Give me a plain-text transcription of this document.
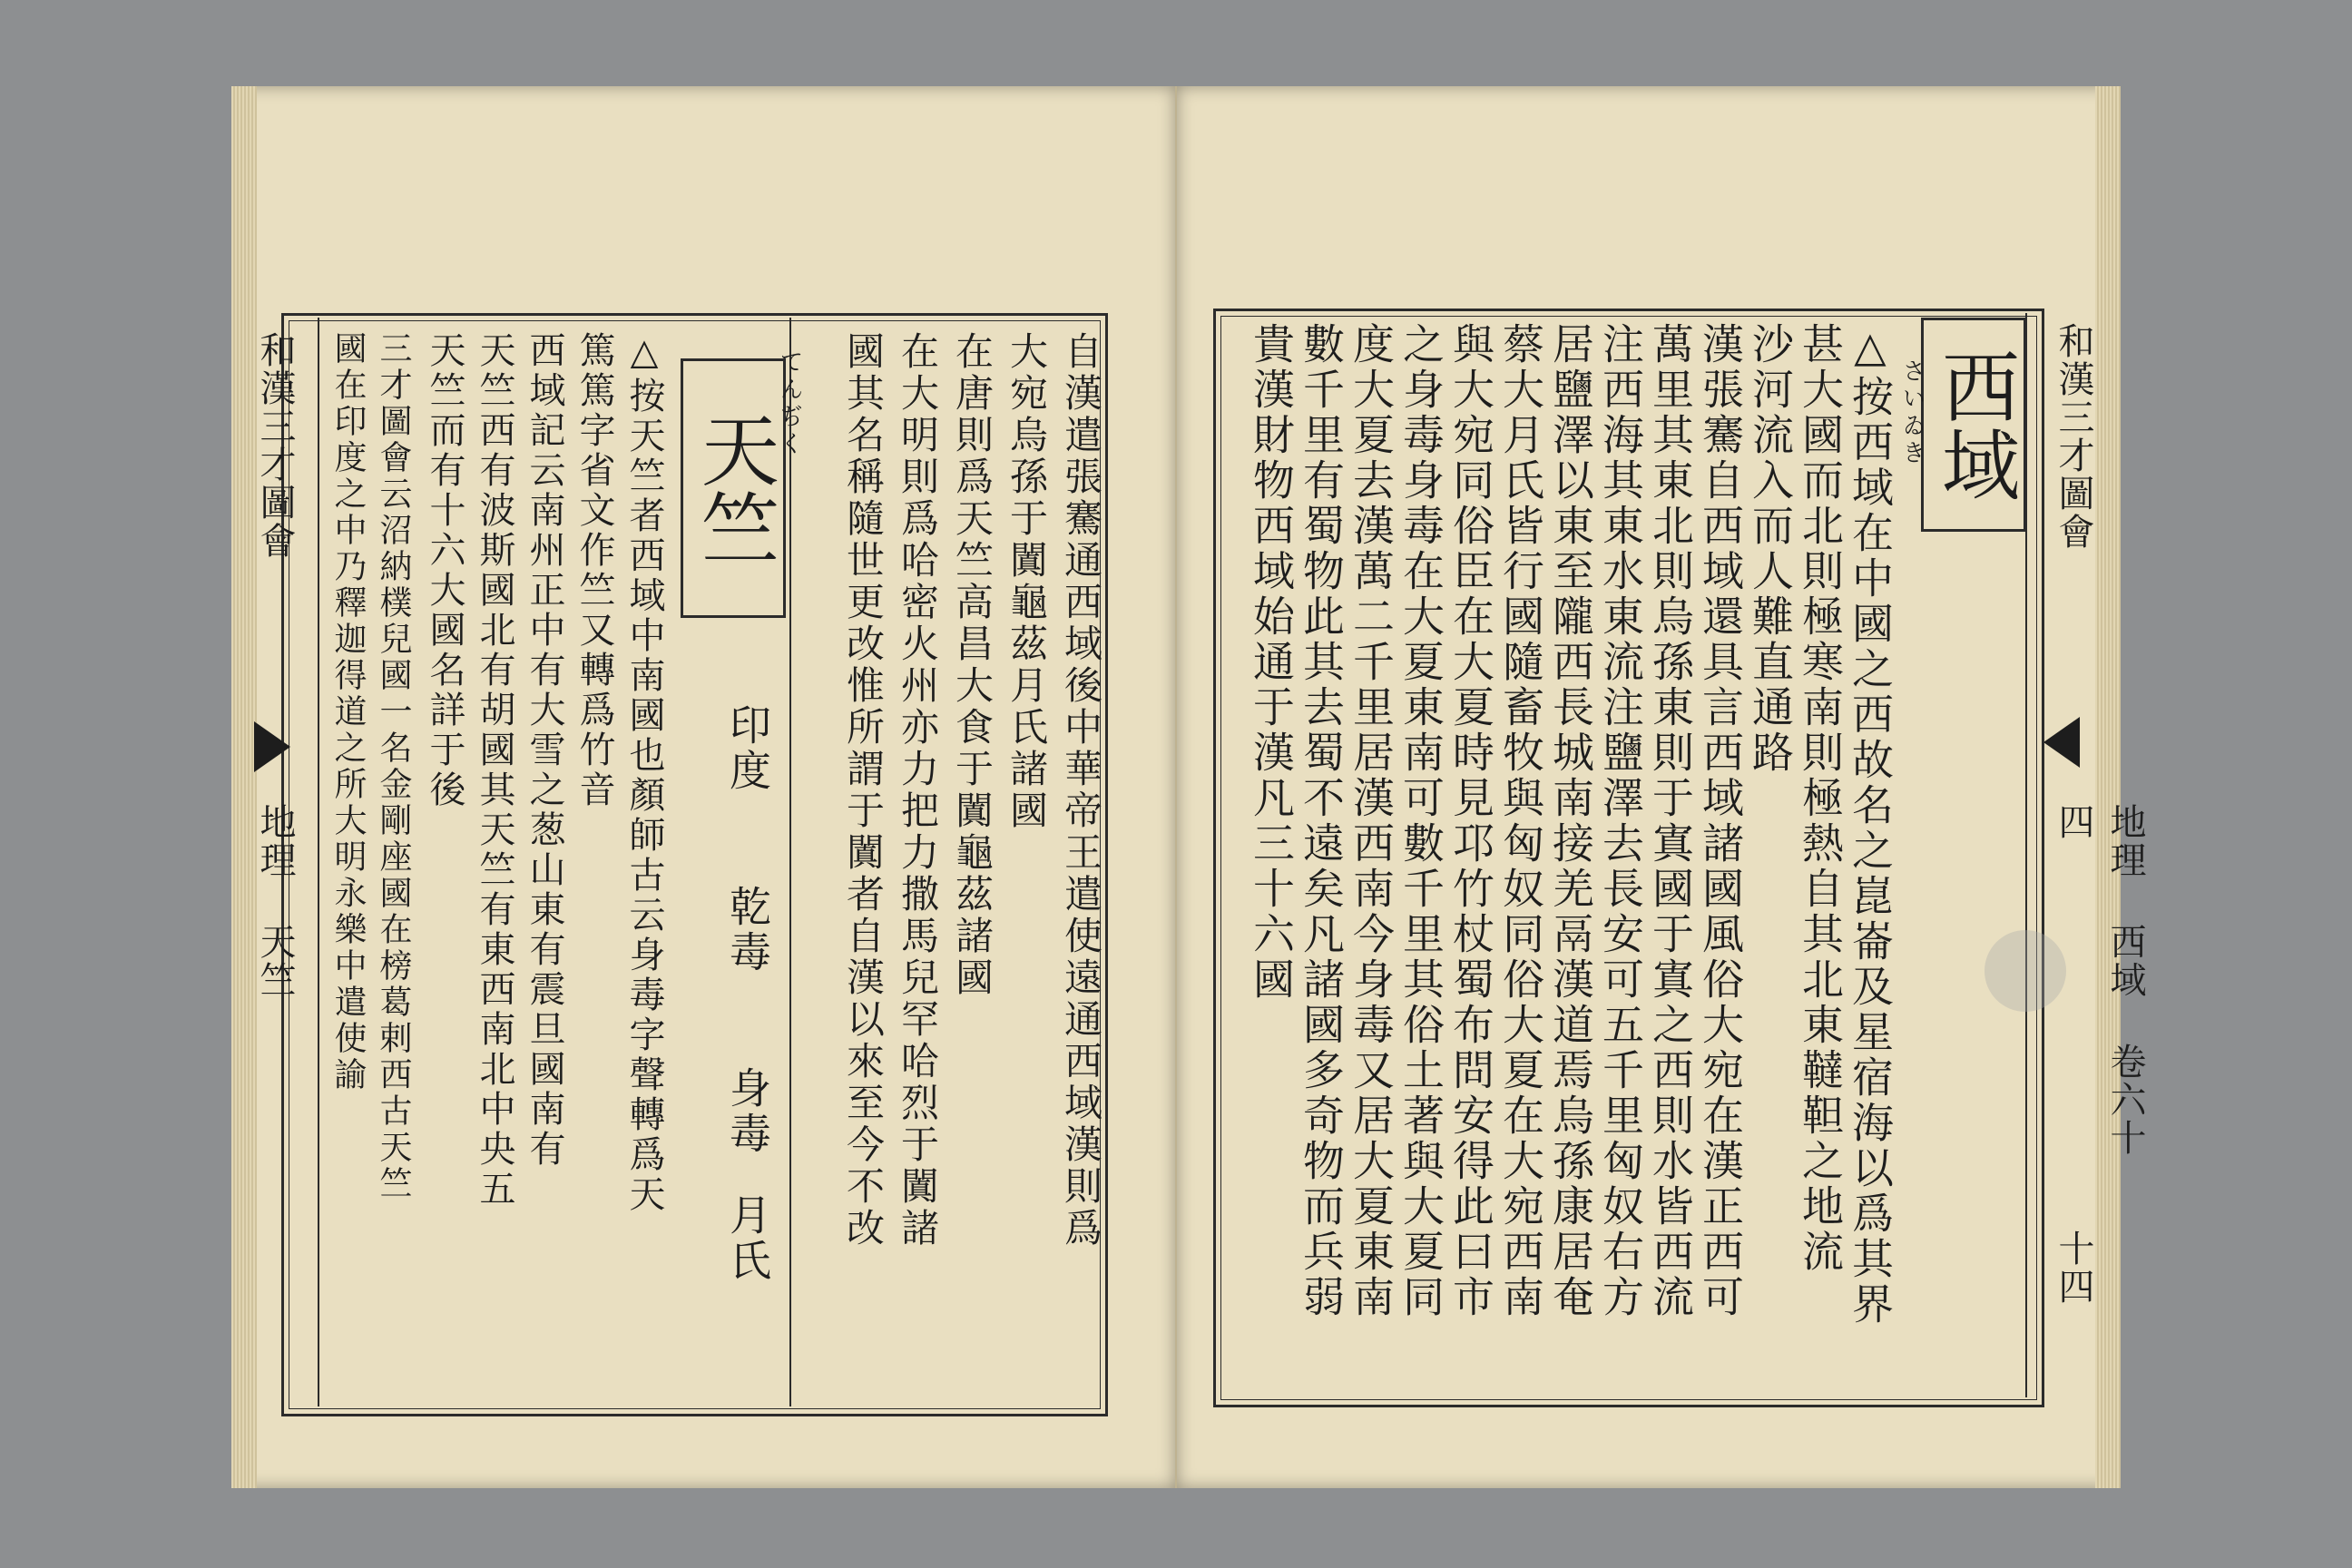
和漢三才圖會
地理 天竺
天竺
てんぢく
印度
乾毒
身毒
月氏	自漢遣張騫通西域後中華帝王遣使遠通西域漢則爲
大宛烏孫于闐龜茲月氏諸國
在唐則爲天竺高昌大食于闐龜茲諸國
在大明則爲哈密火州亦力把力撒馬兒罕哈烈于闐諸
國其名稱隨世更改惟所謂于闐者自漢以來至今不改
△按天竺者西域中南國也顏師古云身毒字聲轉爲天
篤篤字省文作竺又轉爲竹音
西域記云南州正中有大雪之葱山東有震旦國南有
天竺西有波斯國北有胡國其天竺有東西南北中央五
天竺而有十六大國名詳于後
三才圖會云沼納樸兒國一名金剛座國在榜葛剌西古天竺
國在印度之中乃釋迦得道之所大明永樂中遣使諭	和漢三才圖會
地理 西域 卷六十四
十四
西域
さいゐき
△按西域在中國之西故名之崑崙及星宿海以爲其界
甚大國而北則極寒南則極熱自其北東韃靼之地流
沙河流入而人難直通路
漢張騫自西域還具言西域諸國風俗大宛在漢正西可
萬里其東北則烏孫東則于寘國于寘之西則水皆西流
注西海其東水東流注鹽澤去長安可五千里匈奴右方
居鹽澤以東至隴西長城南接羌鬲漢道焉烏孫康居奄
蔡大月氏皆行國隨畜牧與匈奴同俗大夏在大宛西南
與大宛同俗臣在大夏時見邛竹杖蜀布問安得此曰市
之身毒身毒在大夏東南可數千里其俗土著與大夏同
度大夏去漢萬二千里居漢西南今身毒又居大夏東南
數千里有蜀物此其去蜀不遠矣凡諸國多奇物而兵弱
貴漢財物西域始通于漢凡三十六國
